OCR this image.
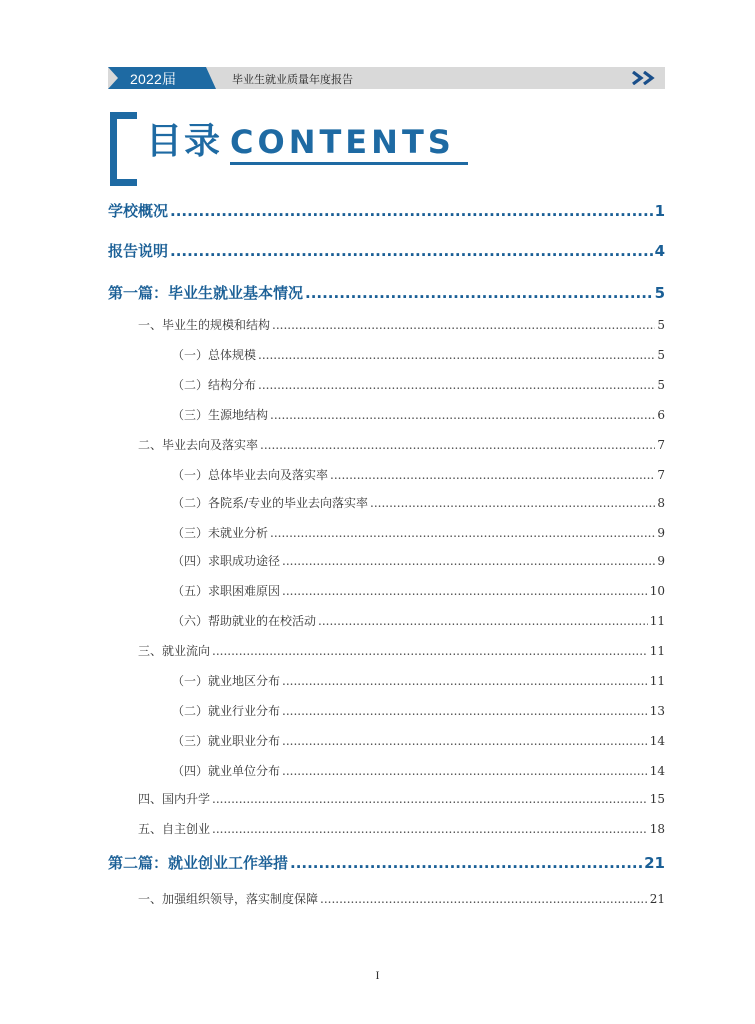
2022届	毕业生就业质量年度报告
目录 CONTENTS
学校概况 .....	1
报告说明 .....	4
第一篇：毕业生就业基本情况 .....	5
一、毕业生的规模和结构 .....	5
（一）总体规模 .....	5
（二）结构分布 .....	5
（三）生源地结构 .....	6
二、毕业去向及落实率 .....	7
（一）总体毕业去向及落实率 .....	7
（二）各院系/专业的毕业去向落实率 .....	8
（三）未就业分析 .....	9
（四）求职成功途径 .....	9
（五）求职困难原因 .....	10
（六）帮助就业的在校活动 .....	11
三、就业流向 .....	11
（一）就业地区分布 .....	11
（二）就业行业分布 .....	13
（三）就业职业分布 .....	14
（四）就业单位分布 .....	14
四、国内升学 .....	15
五、自主创业 .....	18
第二篇：就业创业工作举措 .....	21
一、加强组织领导，落实制度保障 .....	21
I
